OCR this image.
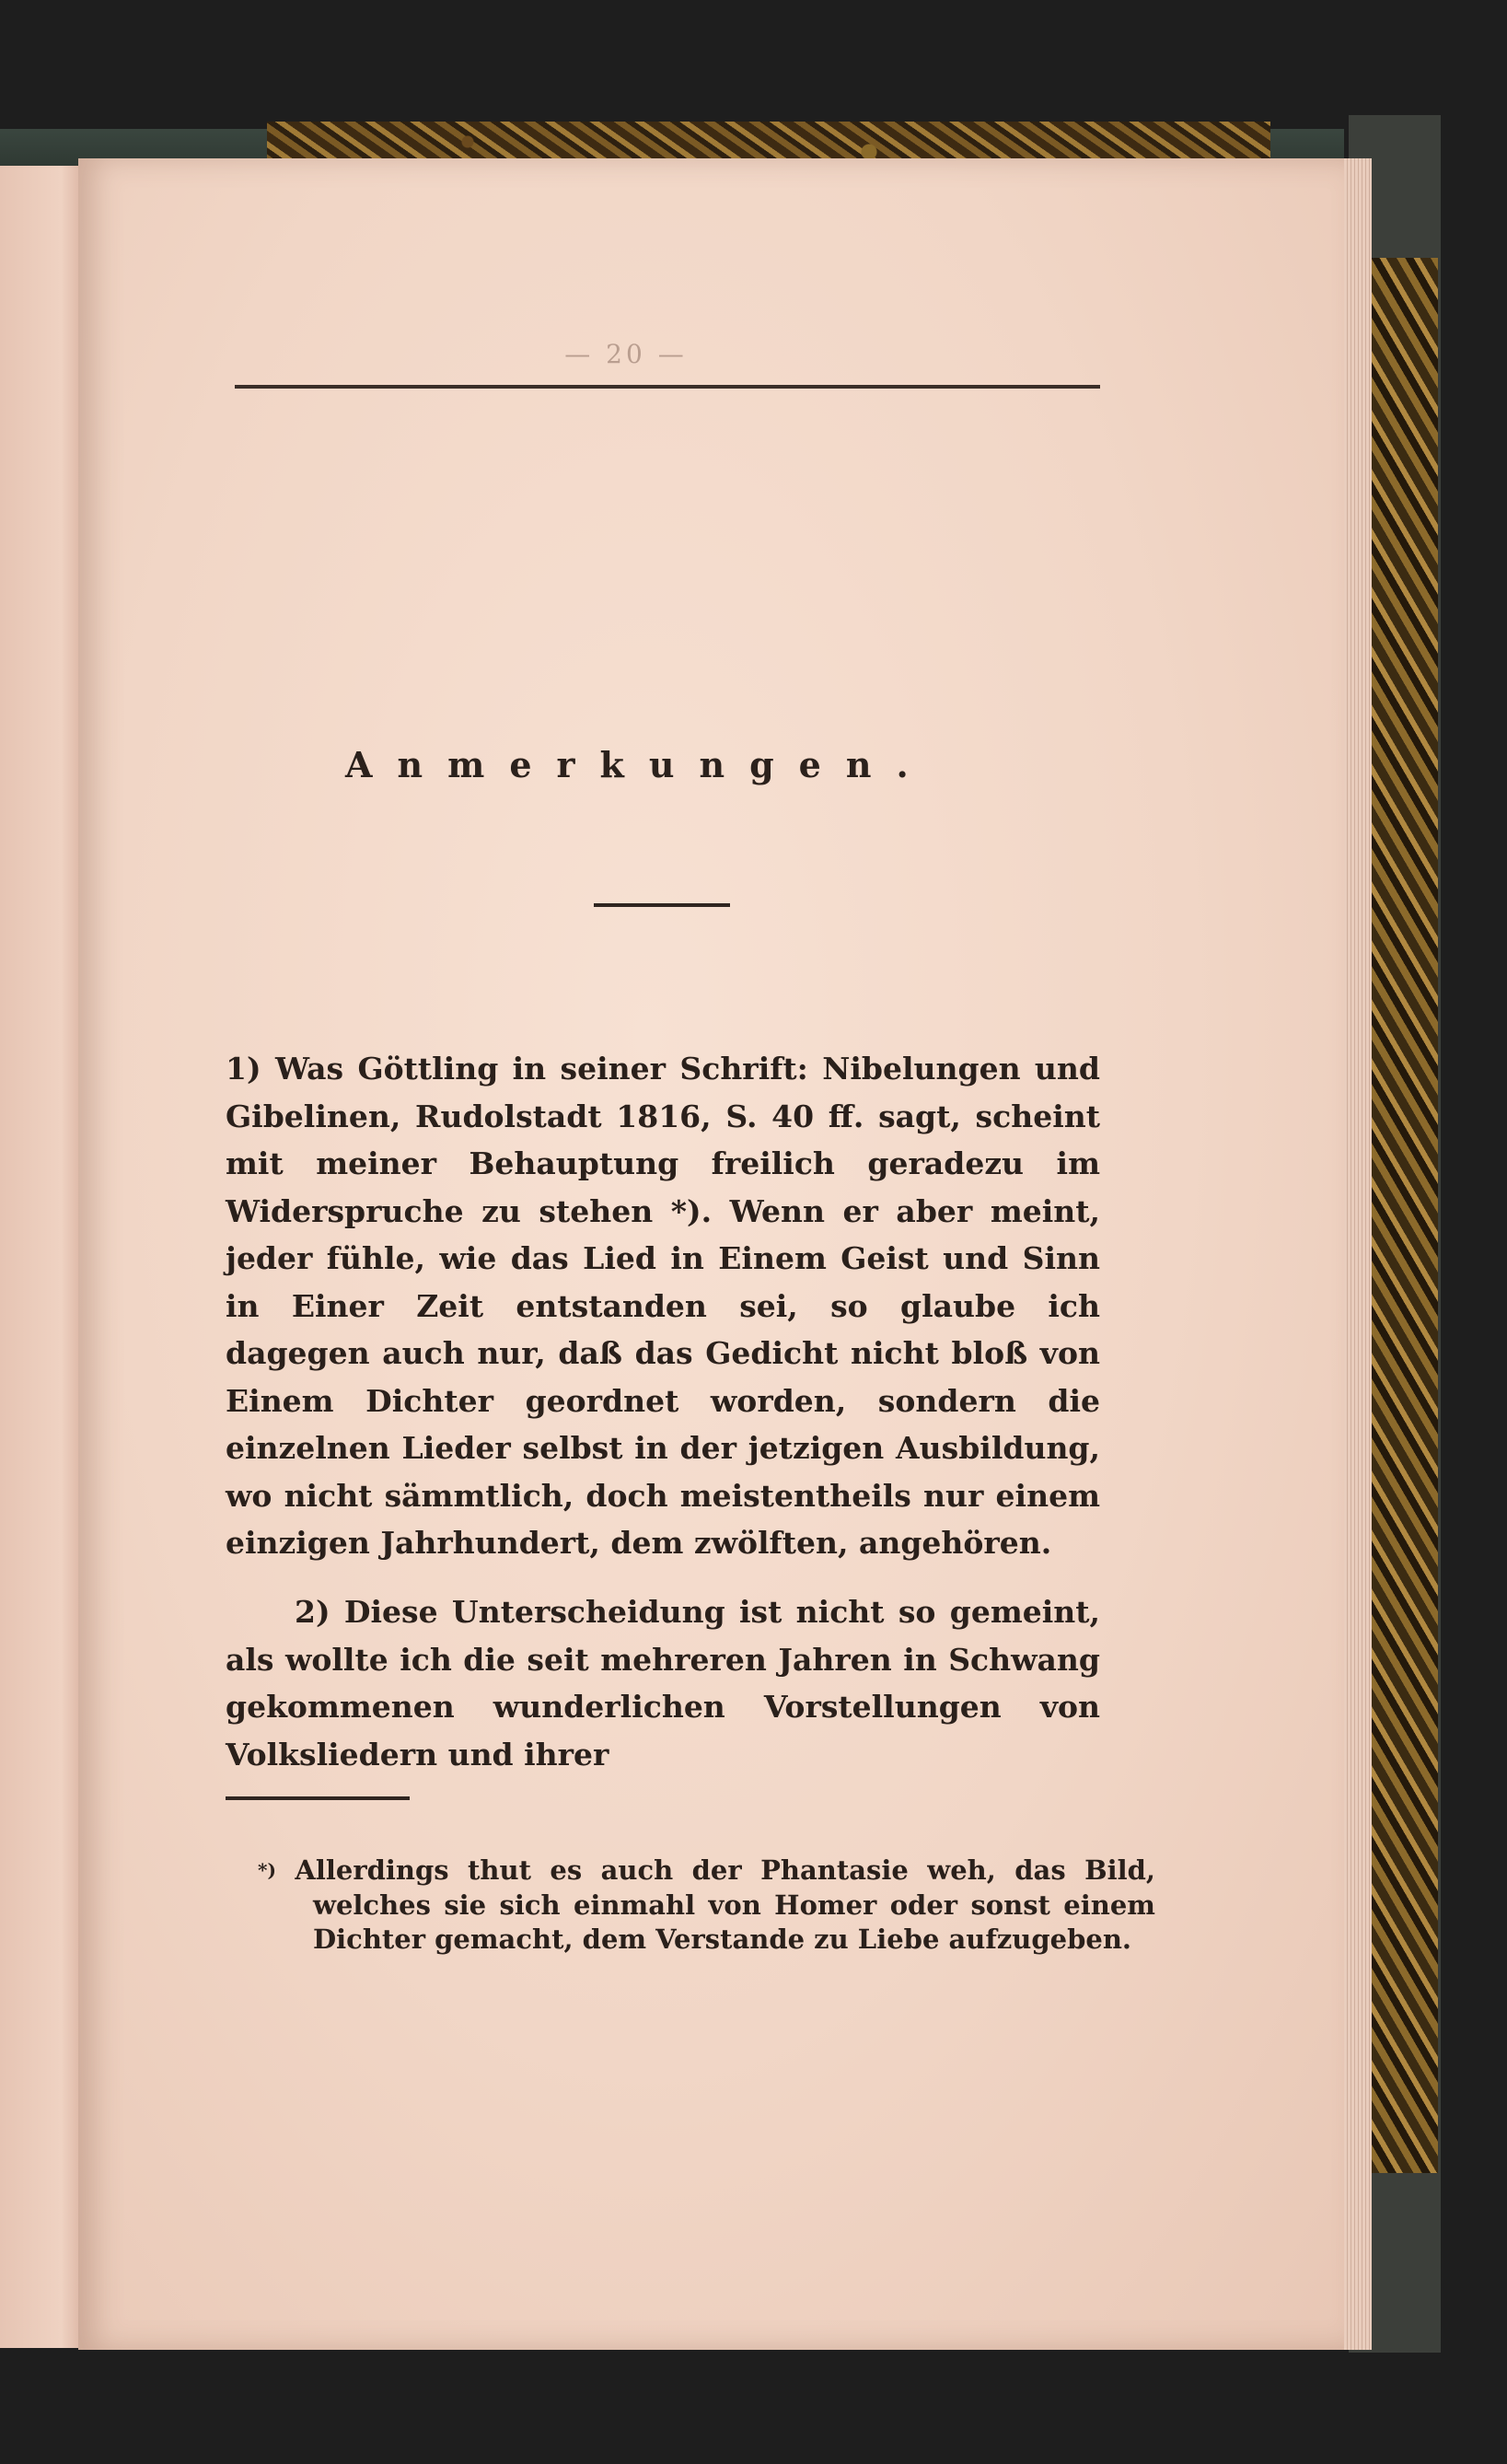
— 20 —
Anmerkungen.

1) Was Göttling in seiner Schrift: Nibelungen und Gibelinen, Rudolstadt 1816, S. 40 ff. sagt, scheint mit meiner Behauptung freilich geradezu im Widerspruche zu stehen *). Wenn er aber meint, jeder fühle, wie das Lied in Einem Geist und Sinn in Einer Zeit entstanden sei, so glaube ich dagegen auch nur, daß das Gedicht nicht bloß von Einem Dichter geordnet worden, sondern die einzelnen Lieder selbst in der jetzigen Ausbildung, wo nicht sämmtlich, doch meistentheils nur einem einzigen Jahrhundert, dem zwölften, angehören.

2) Diese Unterscheidung ist nicht so gemeint, als wollte ich die seit mehreren Jahren in Schwang gekommenen wunderlichen Vorstellungen von Volksliedern und ihrer

*) Allerdings thut es auch der Phantasie weh, das Bild, welches sie sich einmahl von Homer oder sonst einem Dichter gemacht, dem Verstande zu Liebe aufzugeben.
